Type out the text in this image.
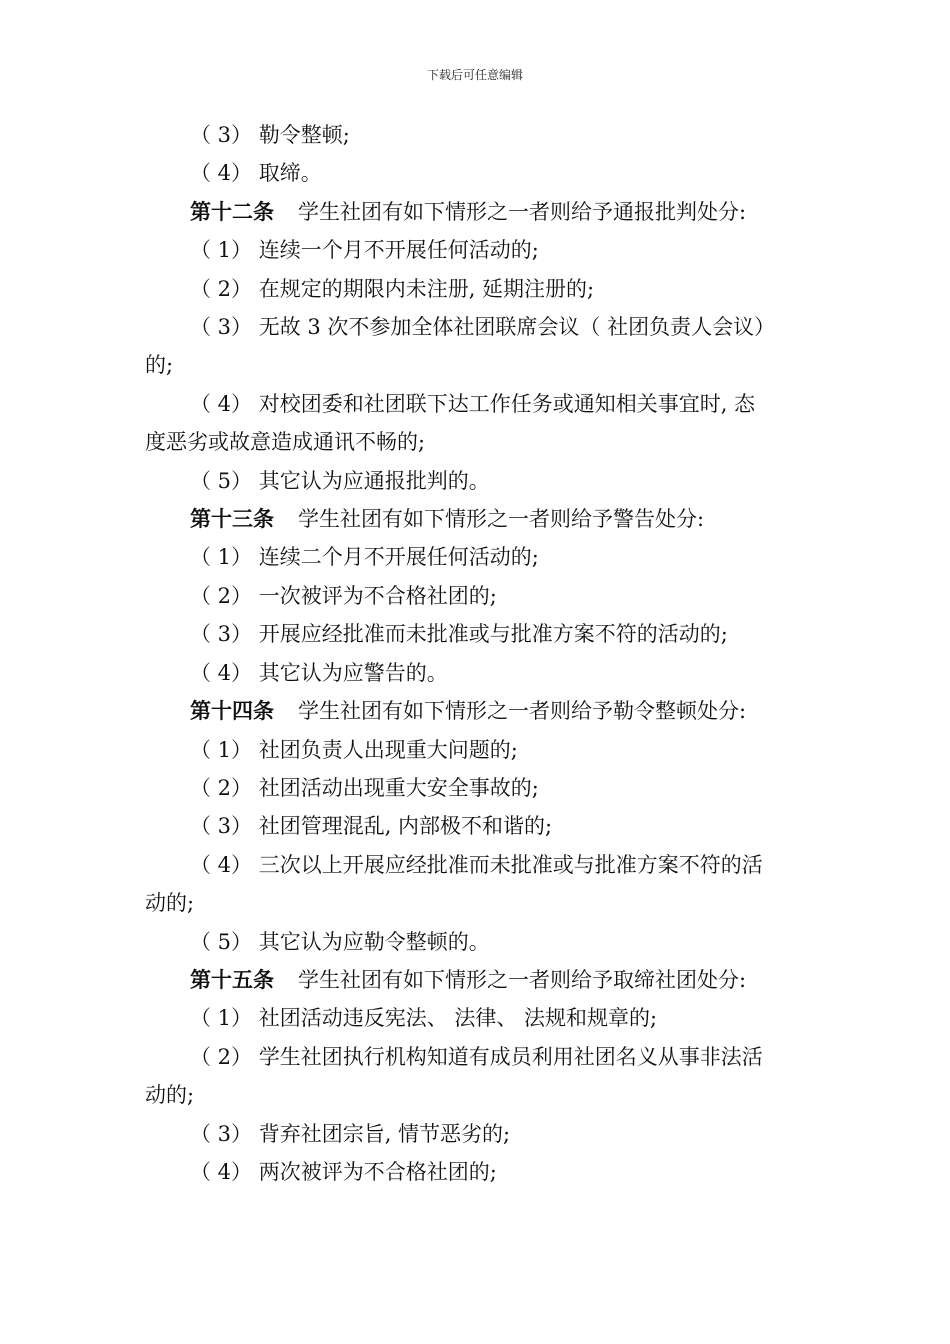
下载后可任意编辑

（ 3） 勒令整顿;

（ 4） 取缔。

第十二条 学生社团有如下情形之一者则给予通报批判处分:

（ 1） 连续一个月不开展任何活动的;

（ 2） 在规定的期限内未注册, 延期注册的;

（ 3） 无故 3 次不参加全体社团联席会议（ 社团负责人会议）

的;

（ 4） 对校团委和社团联下达工作任务或通知相关事宜时, 态

度恶劣或故意造成通讯不畅的;

（ 5） 其它认为应通报批判的。

第十三条 学生社团有如下情形之一者则给予警告处分:

（ 1） 连续二个月不开展任何活动的;

（ 2） 一次被评为不合格社团的;

（ 3） 开展应经批准而未批准或与批准方案不符的活动的;

（ 4） 其它认为应警告的。

第十四条 学生社团有如下情形之一者则给予勒令整顿处分:

（ 1） 社团负责人出现重大问题的;

（ 2） 社团活动出现重大安全事故的;

（ 3） 社团管理混乱, 内部极不和谐的;

（ 4） 三次以上开展应经批准而未批准或与批准方案不符的活

动的;

（ 5） 其它认为应勒令整顿的。

第十五条 学生社团有如下情形之一者则给予取缔社团处分:

（ 1） 社团活动违反宪法、 法律、 法规和规章的;

（ 2） 学生社团执行机构知道有成员利用社团名义从事非法活

动的;

（ 3） 背弃社团宗旨, 情节恶劣的;

（ 4） 两次被评为不合格社团的;
